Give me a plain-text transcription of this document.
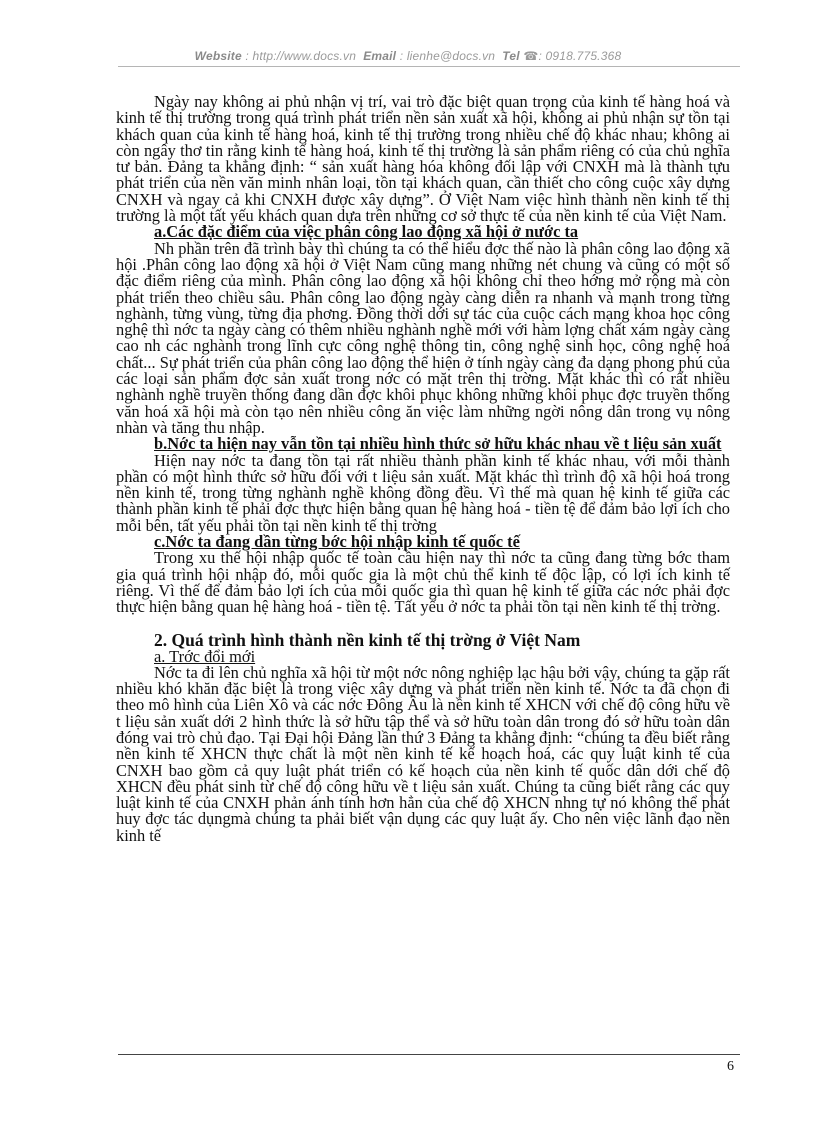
Website : http://www.docs.vn Email : lienhe@docs.vn Tel ☎: 0918.775.368

Ngày nay không ai phủ nhận vị trí, vai trò đặc biệt quan trọng của kinh tế hàng hoá và kinh tế thị trường trong quá trình phát triển nền sản xuất xã hội, không ai phủ nhận sự tồn tại khách quan của kinh tế hàng hoá, kinh tế thị trường trong nhiều chế độ khác nhau; không ai còn ngây thơ tin rằng kinh tế hàng hoá, kinh tế thị trường là sản phẩm riêng có của chủ nghĩa tư bản. Đảng ta khẳng định: “ sản xuất hàng hóa không đối lập với CNXH mà là thành tựu phát triển của nền văn minh nhân loại, tồn tại khách quan, cần thiết cho công cuộc xây dựng CNXH và ngay cả khi CNXH được xây dựng”. Ở Việt Nam việc hình thành nền kinh tế thị trường là một tất yếu khách quan dựa trên những cơ sở thực tế của nền kinh tế của Việt Nam.

a.Các đặc điểm của việc phân công lao động xã hội ở nước ta

Nh phần trên đã trình bày thì chúng ta có thể hiểu đợc thế nào là phân công lao động xã hội .Phân công lao động xã hội ở Việt Nam cũng mang những nét chung và cũng có một số đặc điểm riêng của mình. Phân công lao động xã hội không chỉ theo hớng mở rộng mà còn phát triển theo chiều sâu. Phân công lao động ngày càng diễn ra nhanh và mạnh trong từng nghành, từng vùng, từng địa phơng. Đồng thời dới sự tác của cuộc cách mạng khoa học công nghệ thì nớc ta ngày càng có thêm nhiều nghành nghề mới với hàm lợng chất xám ngày càng cao nh các nghành trong lĩnh cực công nghệ thông tin, công nghệ sinh học, công nghệ hoá chất... Sự phát triển của phân công lao động thể hiện ở tính ngày càng đa dạng phong phú của các loại sản phẩm đợc sản xuất trong nớc có mặt trên thị trờng. Mặt khác thì có rất nhiều nghành nghề truyền thống đang dần đợc khôi phục không những khôi phục đợc truyền thống văn hoá xã hội mà còn tạo nên nhiều công ăn việc làm những ngời nông dân trong vụ nông nhàn và tăng thu nhập.

b.Nớc ta hiện nay vẫn tồn tại nhiều hình thức sở hữu khác nhau về t liệu sản xuất

Hiện nay nớc ta đang tồn tại rất nhiều thành phần kinh tế khác nhau, với mỗi thành phần có một hình thức sở hữu đối với t liệu sản xuất. Mặt khác thì trình độ xã hội hoá trong nền kinh tế, trong từng nghành nghề không đồng đều. Vì thế mà quan hệ kinh tế giữa các thành phần kinh tế phải đợc thực hiện bằng quan hệ hàng hoá - tiền tệ để đảm bảo lợi ích cho mỗi bên, tất yếu phải tồn tại nền kinh tế thị trờng

c.Nớc ta đang dần từng bớc hội nhập kinh tế quốc tế

Trong xu thế hội nhập quốc tế toàn cầu hiện nay thì nớc ta cũng đang từng bớc tham gia quá trình hội nhập đó, mỗi quốc gia là một chủ thể kinh tế độc lập, có lợi ích kinh tế riêng. Vì thế để đảm bảo lợi ích của mỗi quốc gia thì quan hệ kinh tế giữa các nớc phải đợc thực hiện bằng quan hệ hàng hoá - tiền tệ. Tất yếu ở nớc ta phải tồn tại nền kinh tế thị trờng.

2. Quá trình hình thành nền kinh tế thị trờng ở Việt Nam
a. Trớc đổi mới

Nớc ta đi lên chủ nghĩa xã hội từ một nớc nông nghiệp lạc hậu bởi vậy, chúng ta gặp rất nhiều khó khăn đặc biệt là trong việc xây dựng và phát triển nền kinh tế. Nớc ta đã chọn đi theo mô hình của Liên Xô và các nớc Đông Âu là nền kinh tế XHCN với chế độ công hữu về t liệu sản xuất dới 2 hình thức là sở hữu tập thể và sở hữu toàn dân trong đó sở hữu toàn dân đóng vai trò chủ đạo. Tại Đại hội Đảng lần thứ 3 Đảng ta khẳng định: “chúng ta đều biết rằng nền kinh tế XHCN thực chất là một nền kinh tế kế hoạch hoá, các quy luật kinh tế của CNXH bao gồm cả quy luật phát triển có kế hoạch của nền kinh tế quốc dân dới chế độ XHCN đều phát sinh từ chế độ công hữu về t liệu sản xuất. Chúng ta cũng biết rằng các quy luật kinh tế của CNXH phản ánh tính hơn hẳn của chế độ XHCN nhng tự nó không thể phát huy đợc tác dụngmà chúng ta phải biết vận dụng các quy luật ấy. Cho nên việc lãnh đạo nền kinh tế

6
